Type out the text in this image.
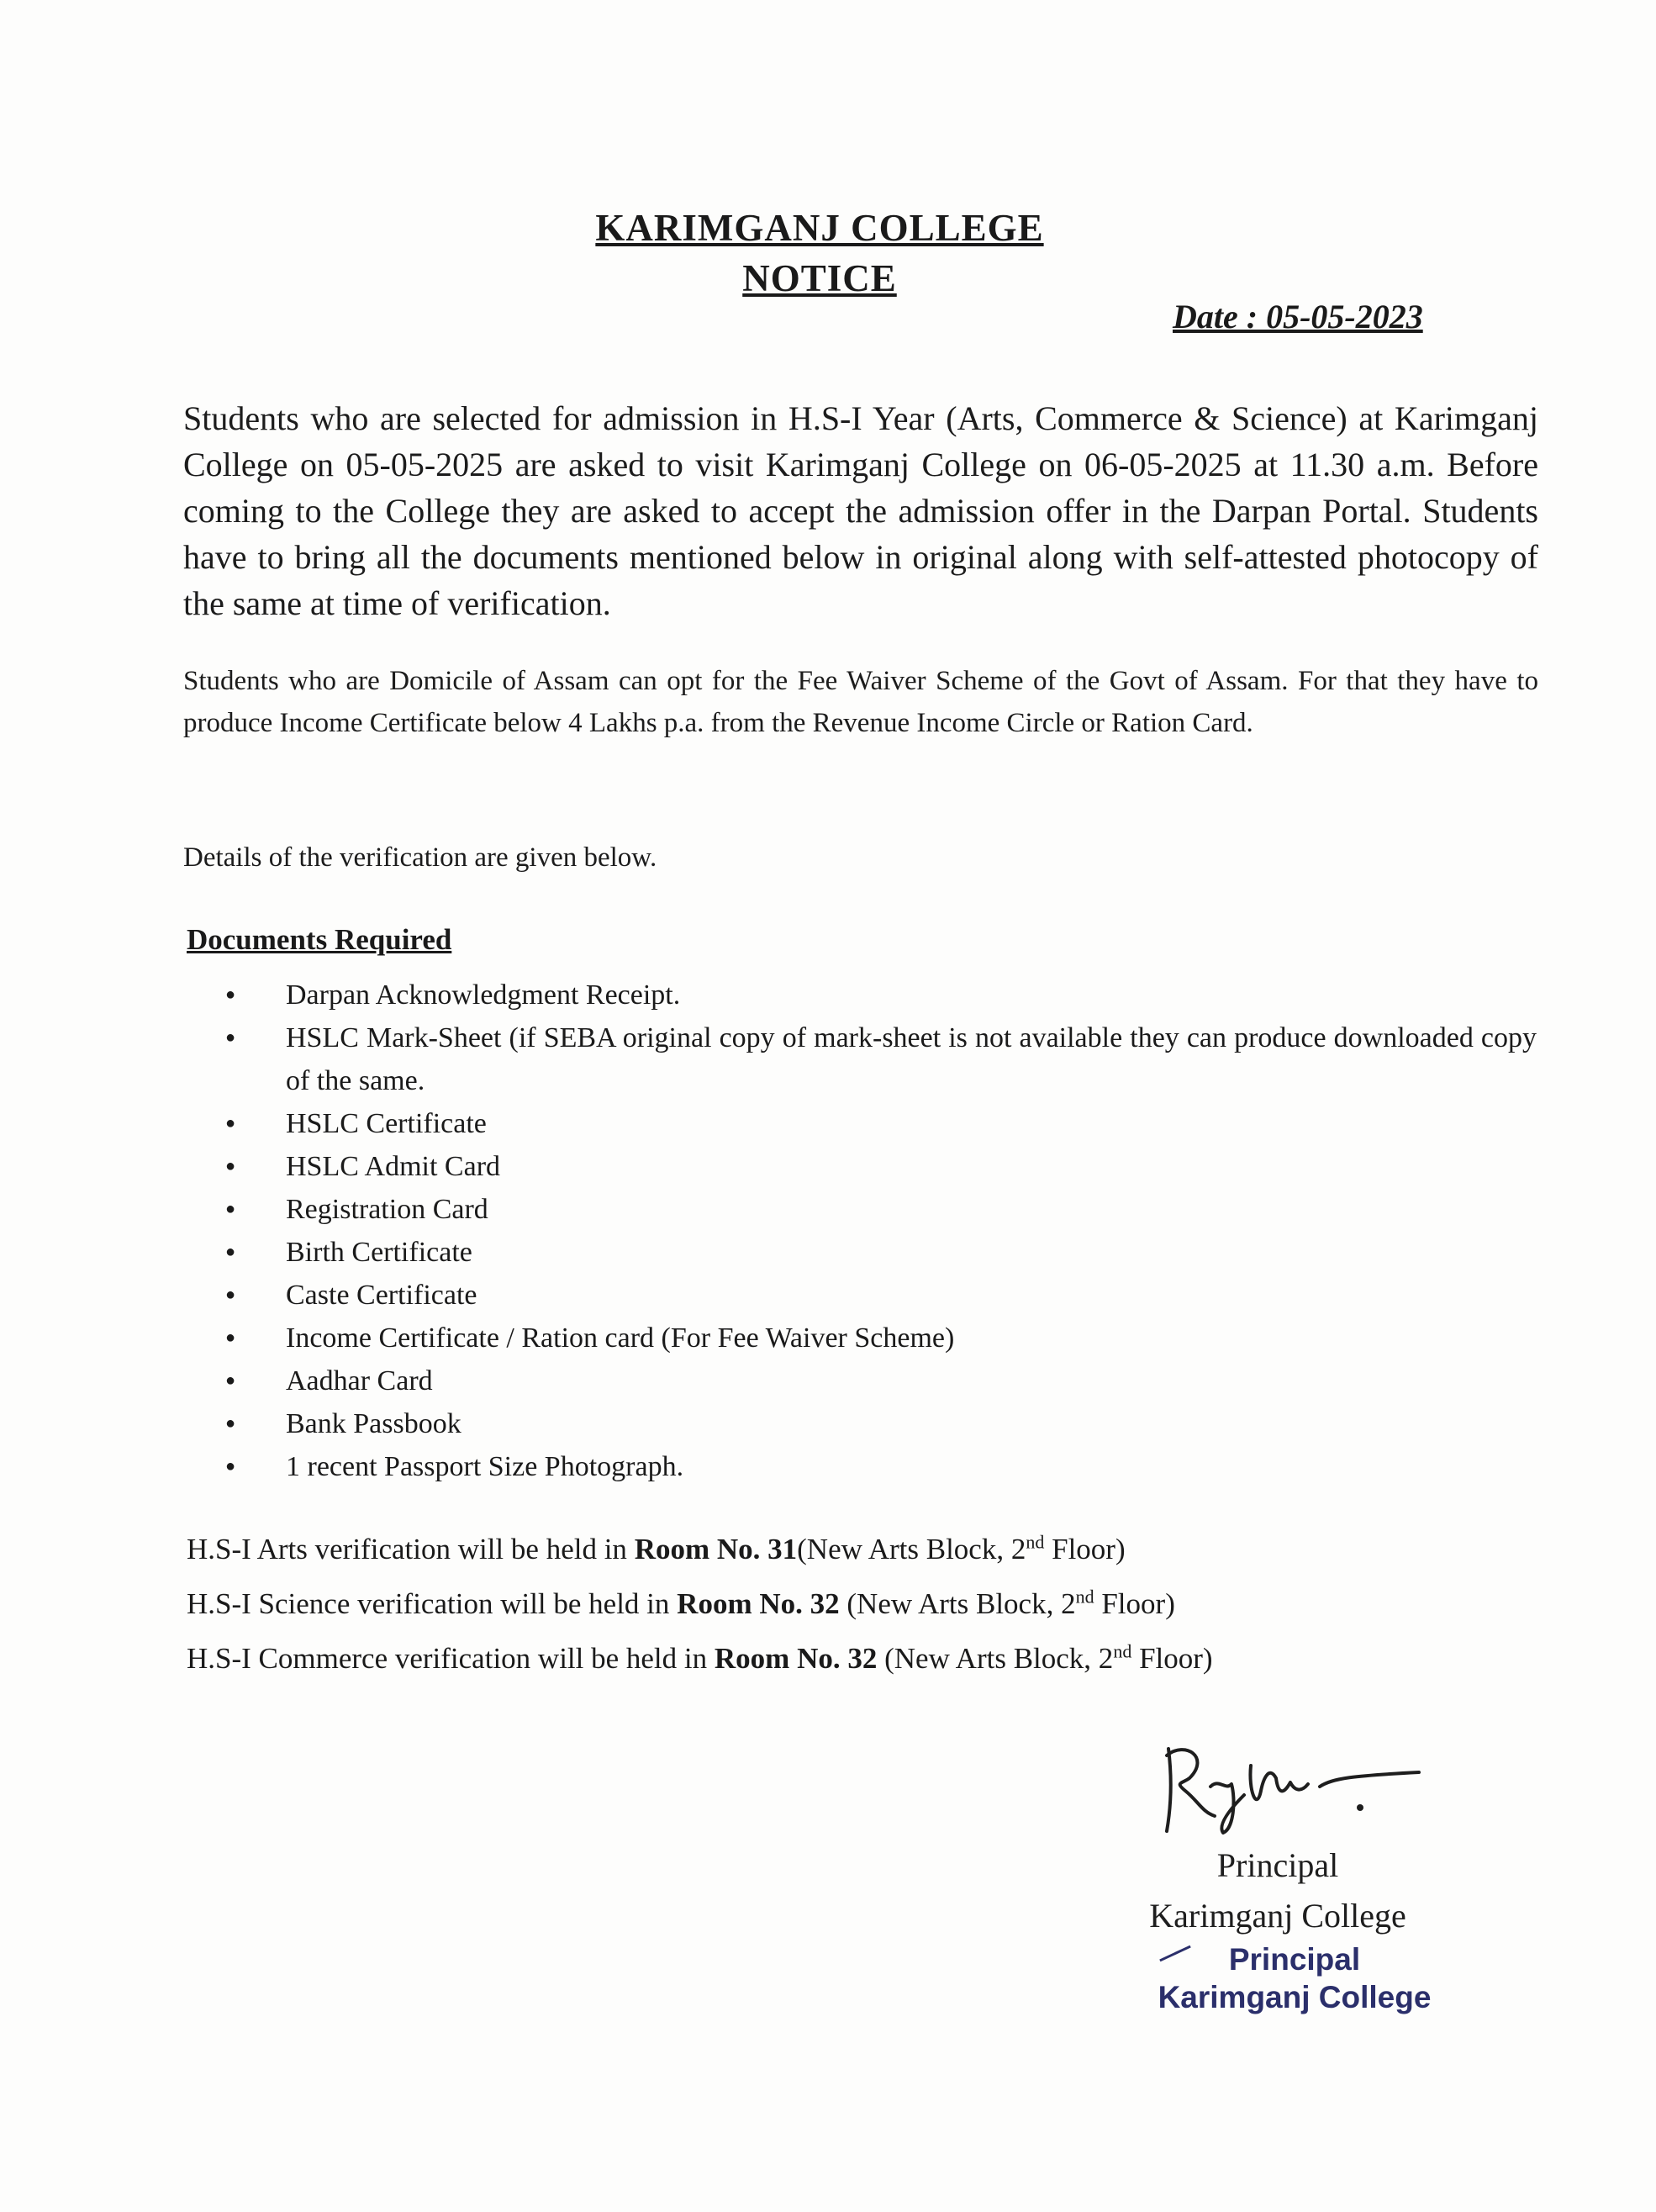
KARIMGANJ COLLEGE
NOTICE
Date : 05-05-2023
Students who are selected for admission in H.S-I Year (Arts, Commerce & Science) at Karimganj College on 05-05-2025 are asked to visit Karimganj College on 06-05-2025 at 11.30 a.m. Before coming to the College they are asked to accept the admission offer in the Darpan Portal. Students have to bring all the documents mentioned below in original along with self-attested photocopy of the same at time of verification.
Students who are Domicile of Assam can opt for the Fee Waiver Scheme of the Govt of Assam. For that they have to produce Income Certificate below 4 Lakhs p.a. from the Revenue Income Circle or Ration Card.
Details of the verification are given below.
Documents Required
● Darpan Acknowledgment Receipt.
● HSLC Mark-Sheet (if SEBA original copy of mark-sheet is not available they can produce downloaded copy of the same.
● HSLC Certificate
● HSLC Admit Card
● Registration Card
● Birth Certificate
● Caste Certificate
● Income Certificate / Ration card (For Fee Waiver Scheme)
● Aadhar Card
● Bank Passbook
● 1 recent Passport Size Photograph.
H.S-I Arts verification will be held in Room No. 31(New Arts Block, 2nd Floor)
H.S-I Science verification will be held in Room No. 32 (New Arts Block, 2nd Floor)
H.S-I Commerce verification will be held in Room No. 32 (New Arts Block, 2nd Floor)
Principal
Karimganj College
Principal
Karimganj College
